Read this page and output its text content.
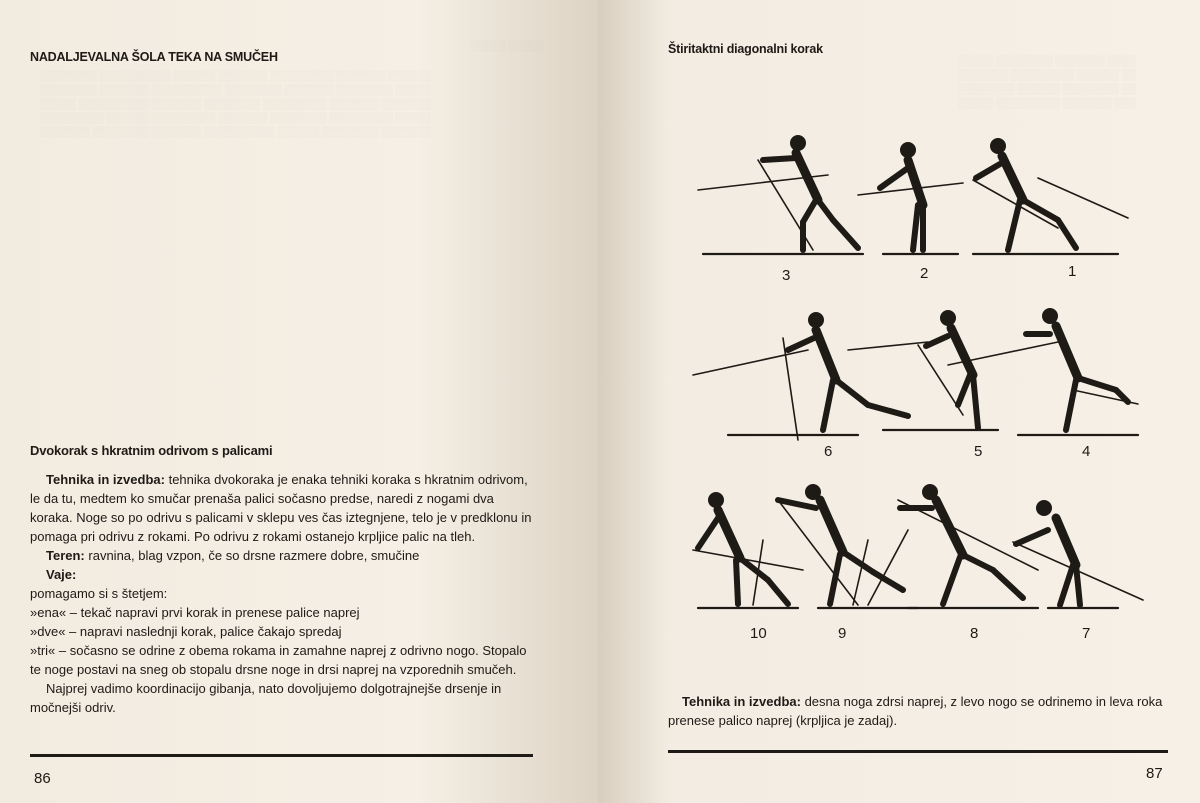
░░░░░ ░░░░░
░░░░░░░░ ░░░░░░░░░░ ░░░░░░ ░░░░░░░ ░░░░░░░░░ ░░░░░░░ ░░░░░░
░░░░░░░░ ░░░░░░░ ░░░░░░░░░░ ░░░░░░░░ ░░░░░░░ ░░░░░░░░ ░░░░░
░░░░░ ░░░░░░░░░░ ░░░░░░░ ░░░░░░░░ ░░░░░░░░░ ░░░░░░░ ░░░░░░░
░░░░░░░░░ ░░░░░░ ░░░░░░░░░ ░░░░░░░ ░░░░░░░░ ░░░░░░░░░ ░░░░░
░░░░░░░ ░░░░░░░░ ░░░░░░░ ░░░░░░░░░░ ░░░░░░ ░░░░░░░░ ░░░░░░░
NADALJEVALNA ŠOLA TEKA NA SMUČEH
Dvokorak s hkratnim odrivom s palicami

Tehnika in izvedba: tehnika dvokoraka je enaka tehniki koraka s hkratnim odrivom, le da tu, medtem ko smučar prenaša palici sočasno predse, naredi z nogami dva koraka. Noge so po odrivu s palicami v sklepu ves čas iztegnjene, telo je v predklonu in pomaga pri odrivu z rokami. Po odrivu z rokami ostanejo krpljice palic na tleh.

Teren: ravnina, blag vzpon, če so drsne razmere dobre, smučine

Vaje:

pomagamo si s štetjem:

»ena« – tekač napravi prvi korak in prenese palice naprej

»dve« – napravi naslednji korak, palice čakajo spredaj

»tri« – sočasno se odrine z obema rokama in zamahne naprej z odrivno nogo. Stopalo te noge postavi na sneg ob stopalu drsne noge in drsi naprej na vzporednih smučeh.

Najprej vadimo koordinacijo gibanja, nato dovoljujemo dolgotrajnejše drsenje in močnejši odriv.

86
░░░░░ ░░░░░░░░ ░░░░░░░ ░░░░
░░░░░░░ ░░░░░░░░░ ░░░░░░ ░░
░░░░░░░░ ░░░░░░ ░░░░░░░░ ░░
░░░░░ ░░░░░░░░░ ░░░░░░░ ░░░
Štiritaktni diagonalni korak
3	2	1
6	5	4
10	9	8	7

Tehnika in izvedba: desna noga zdrsi naprej, z levo nogo se odrinemo in leva roka prenese palico naprej (krpljica je zadaj).

87
